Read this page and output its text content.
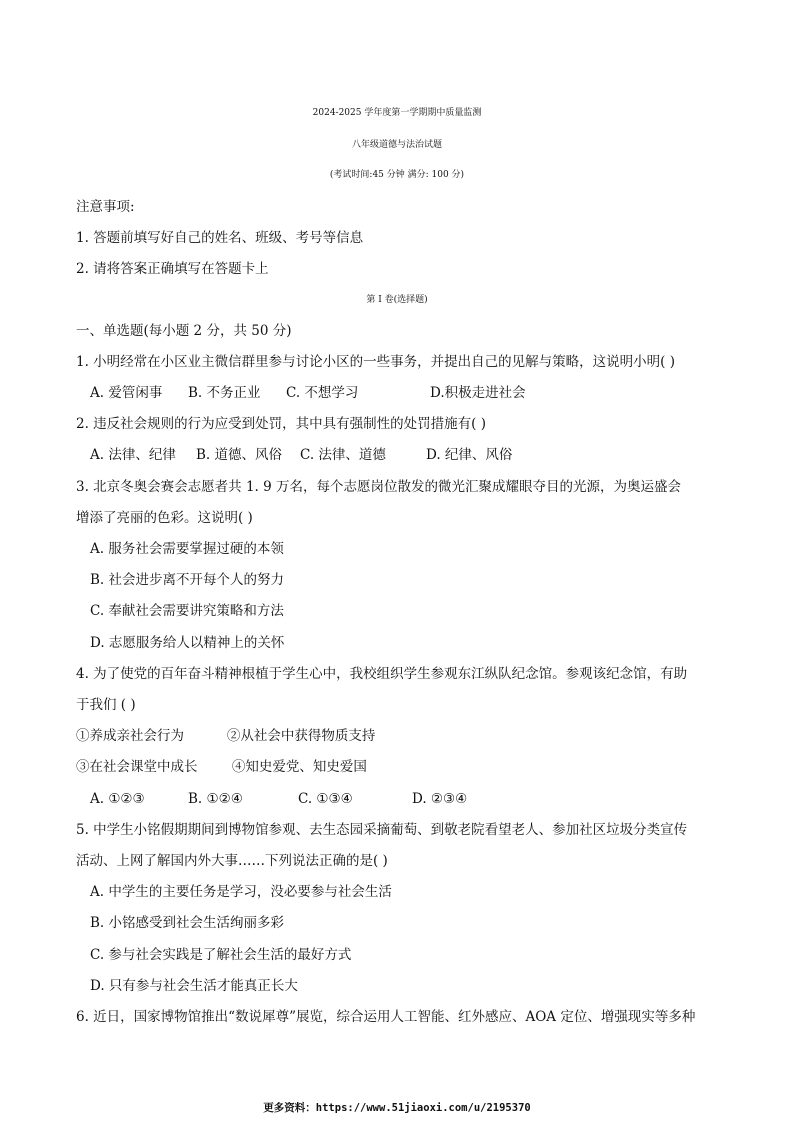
2024-2025 学年度第一学期期中质量监测
八年级道德与法治试题
(考试时间:45 分钟 满分: 100 分)
注意事项:
1. 答题前填写好自己的姓名、班级、考号等信息
2. 请将答案正确填写在答题卡上
第 I 卷(选择题)
一、单选题(每小题 2 分，共 50 分)
1. 小明经常在小区业主微信群里参与讨论小区的一些事务，并提出自己的见解与策略，这说明小明( )
A. 爱管闲事 B. 不务正业 C. 不想学习	D.积极走进社会
2. 违反社会规则的行为应受到处罚，其中具有强制性的处罚措施有( )
A. 法律、纪律 B. 道德、风俗 C. 法律、道德	D. 纪律、风俗
3. 北京冬奥会赛会志愿者共 1. 9 万名，每个志愿岗位散发的微光汇聚成耀眼夺目的光源，为奥运盛会
增添了亮丽的色彩。这说明( )
A. 服务社会需要掌握过硬的本领
B. 社会进步离不开每个人的努力
C. 奉献社会需要讲究策略和方法
D. 志愿服务给人以精神上的关怀
4. 为了使党的百年奋斗精神根植于学生心中，我校组织学生参观东江纵队纪念馆。参观该纪念馆，有助
于我们 ( )
①养成亲社会行为          ②从社会中获得物质支持
③在社会课堂中成长        ④知史爱党、知史爱国
A. ①②③	B. ①②④	C. ①③④	D. ②③④
5. 中学生小铭假期期间到博物馆参观、去生态园采摘葡萄、到敬老院看望老人、参加社区垃圾分类宣传
活动、上网了解国内外大事……下列说法正确的是( )
A. 中学生的主要任务是学习，没必要参与社会生活
B. 小铭感受到社会生活绚丽多彩
C. 参与社会实践是了解社会生活的最好方式
D. 只有参与社会生活才能真正长大
6. 近日，国家博物馆推出“数说犀尊”展览，综合运用人工智能、红外感应、AOA 定位、增强现实等多种
更多资料：https://www.51jiaoxi.com/u/2195370
